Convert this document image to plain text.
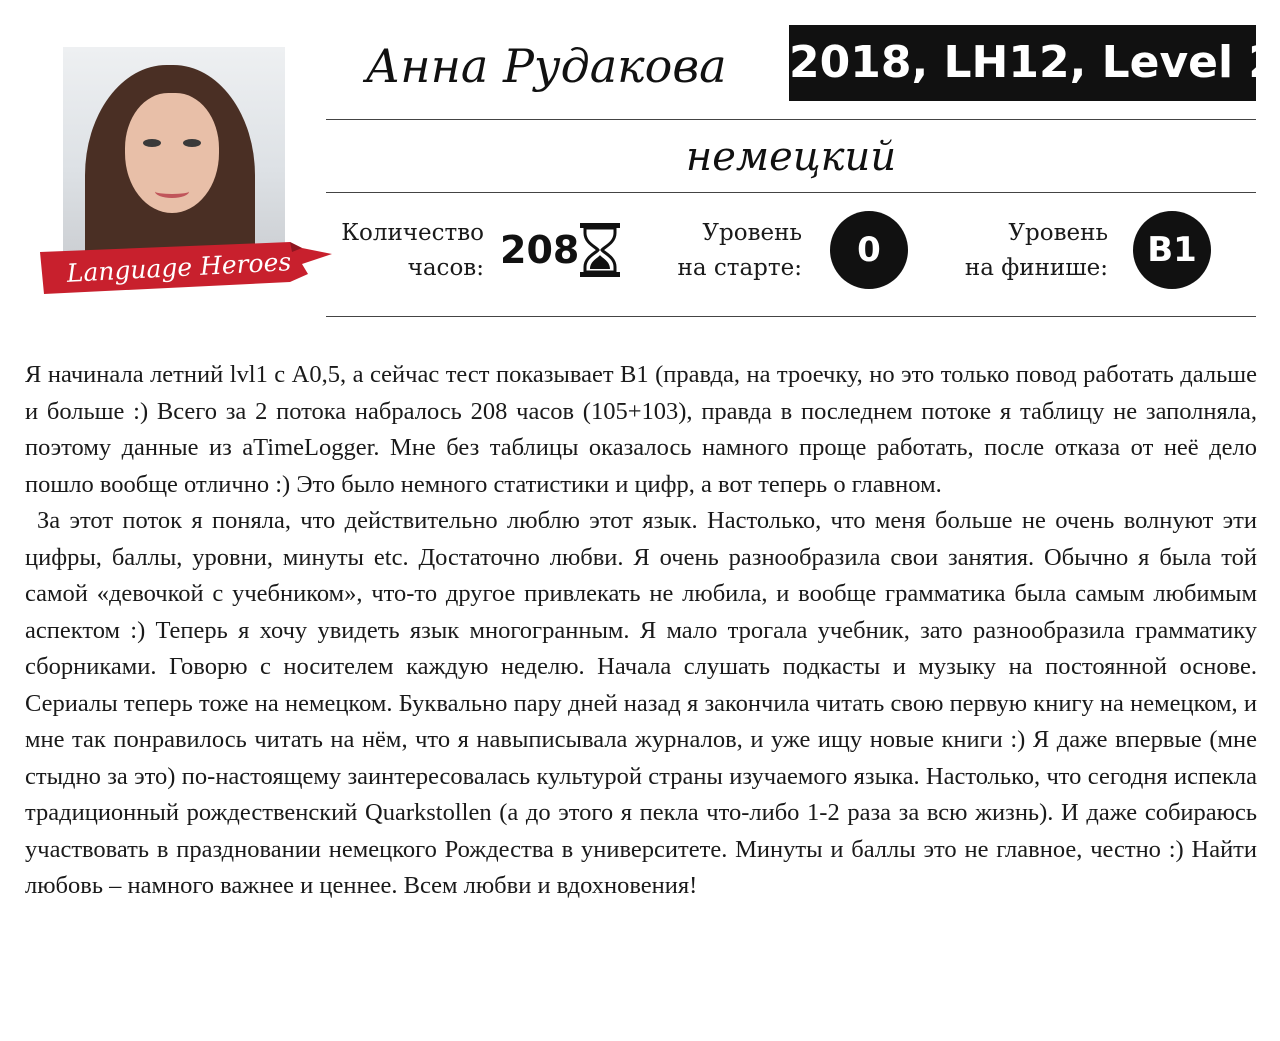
Language Heroes
Анна Рудакова	2018, LH12, Level 2
немецкий
Количество
часов: 208	Уровень
на старте:	0	Уровень
на финише:	B1

Я начинала летний lvl1 с А0,5, а сейчас тест показывает B1 (правда, на троечку, но это только повод работать дальше и больше :) Всего за 2 потока набралось 208 часов (105+103), правда в последнем потоке я таблицу не заполняла, поэтому данные из aTimeLogger. Мне без таблицы оказалось намного проще работать, после отказа от неё дело пошло вообще отлично :) Это было немного статистики и цифр, а вот теперь о главном.

За этот поток я поняла, что действительно люблю этот язык. Настолько, что меня больше не очень волнуют эти цифры, баллы, уровни, минуты etc. Достаточно любви. Я очень разнообразила свои занятия. Обычно я была той самой «девочкой с учебником», что-то другое привлекать не любила, и вообще грамматика была самым любимым аспектом :) Теперь я хочу увидеть язык многогранным. Я мало трогала учебник, зато разнообразила грамматику сборниками. Говорю с носителем каждую неделю. Начала слушать подкасты и музыку на постоянной основе. Сериалы теперь тоже на немецком. Буквально пару дней назад я закончила читать свою первую книгу на немецком, и мне так понравилось читать на нём, что я навыписывала журналов, и уже ищу новые книги :) Я даже впервые (мне стыдно за это) по-настоящему заинтересовалась культурой страны изучаемого языка. Настолько, что сегодня испекла традиционный рождественский Quarkstollen (а до этого я пекла что-либо 1-2 раза за всю жизнь). И даже собираюсь участвовать в праздновании немецкого Рождества в университете. Минуты и баллы это не главное, честно :) Найти любовь – намного важнее и ценнее. Всем любви и вдохновения!
